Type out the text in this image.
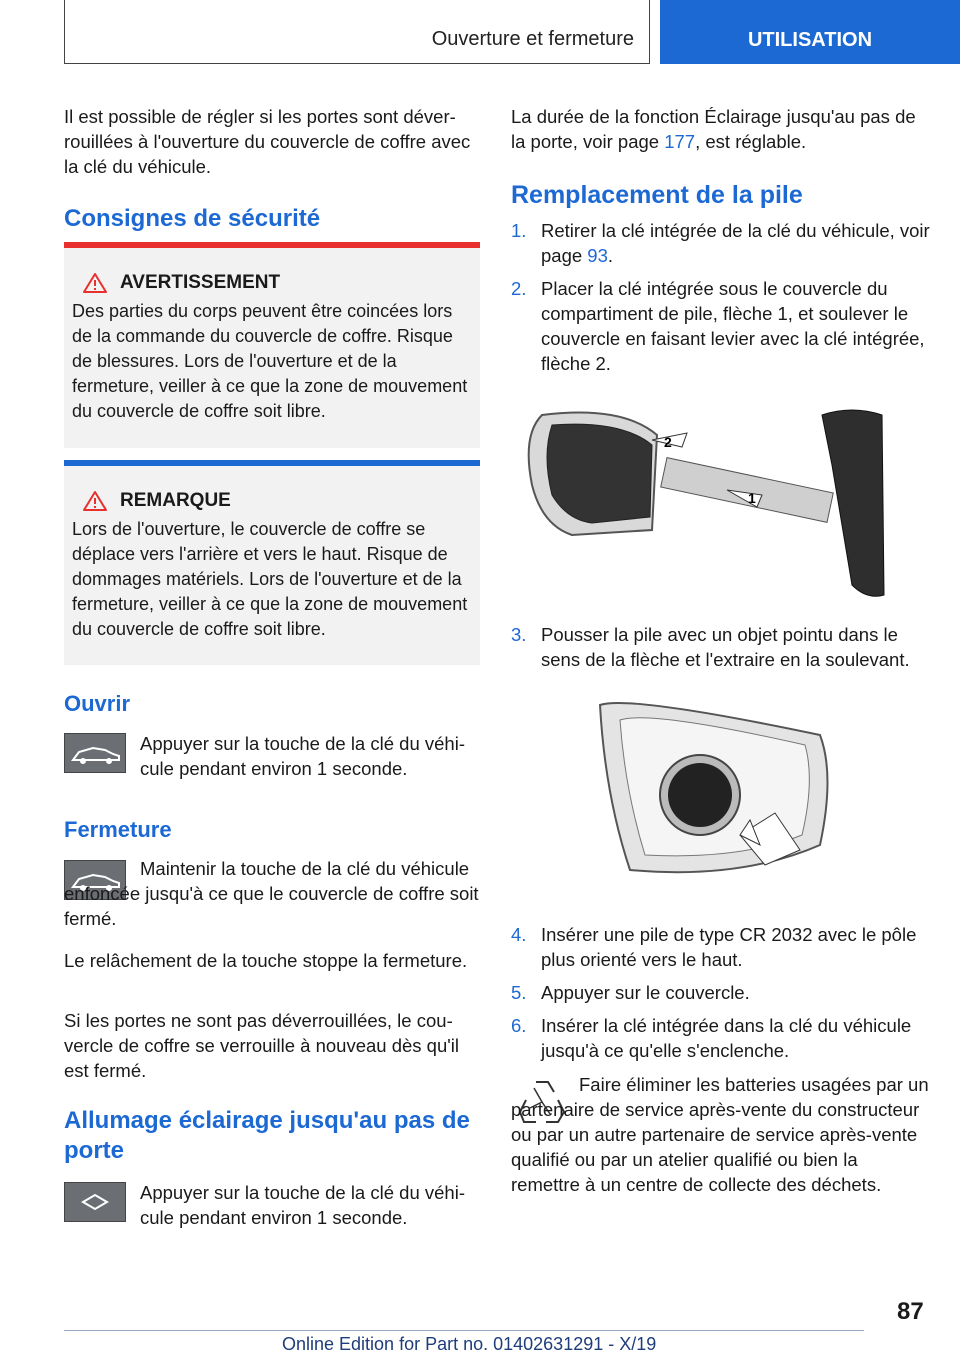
Ouverture et fermeture	UTILISATION

Il est possible de régler si les portes sont déverrouillées à l'ouverture du couvercle de coffre avec la clé du véhicule.

Consignes de sécurité
AVERTISSEMENT
Des parties du corps peuvent être coincées lors de la commande du couvercle de coffre. Risque de blessures. Lors de l'ouverture et de la fermeture, veiller à ce que la zone de mouvement du couvercle de coffre soit libre.
REMARQUE
Lors de l'ouverture, le couvercle de coffre se déplace vers l'arrière et vers le haut. Risque de dommages matériels. Lors de l'ouverture et de la fermeture, veiller à ce que la zone de mouvement du couvercle de coffre soit libre.
Ouvrir
Appuyer sur la touche de la clé du véhicule pendant environ 1 seconde.
Fermeture
Maintenir la touche de la clé du véhicule enfoncée jusqu'à ce que le couvercle de coffre soit fermé.
Le relâchement de la touche stoppe la fermeture.
Si les portes ne sont pas déverrouillées, le couvercle de coffre se verrouille à nouveau dès qu'il est fermé.
Allumage éclairage jusqu'au pas de porte
Appuyer sur la touche de la clé du véhicule pendant environ 1 seconde.
La durée de la fonction Éclairage jusqu'au pas de la porte, voir page 177, est réglable.
Remplacement de la pile
1. Retirer la clé intégrée de la clé du véhicule, voir page 93.
2. Placer la clé intégrée sous le couvercle du compartiment de pile, flèche 1, et soulever le couvercle en faisant levier avec la clé intégrée, flèche 2.
2
1
3. Pousser la pile avec un objet pointu dans le sens de la flèche et l'extraire en la soulevant.
4. Insérer une pile de type CR 2032 avec le pôle plus orienté vers le haut.
5. Appuyer sur le couvercle.
6. Insérer la clé intégrée dans la clé du véhicule jusqu'à ce qu'elle s'enclenche.
Faire éliminer les batteries usagées par un partenaire de service après-vente du constructeur ou par un autre partenaire de service après-vente qualifié ou par un atelier qualifié ou bien la remettre à un centre de collecte des déchets.
87
Online Edition for Part no. 01402631291 - X/19
